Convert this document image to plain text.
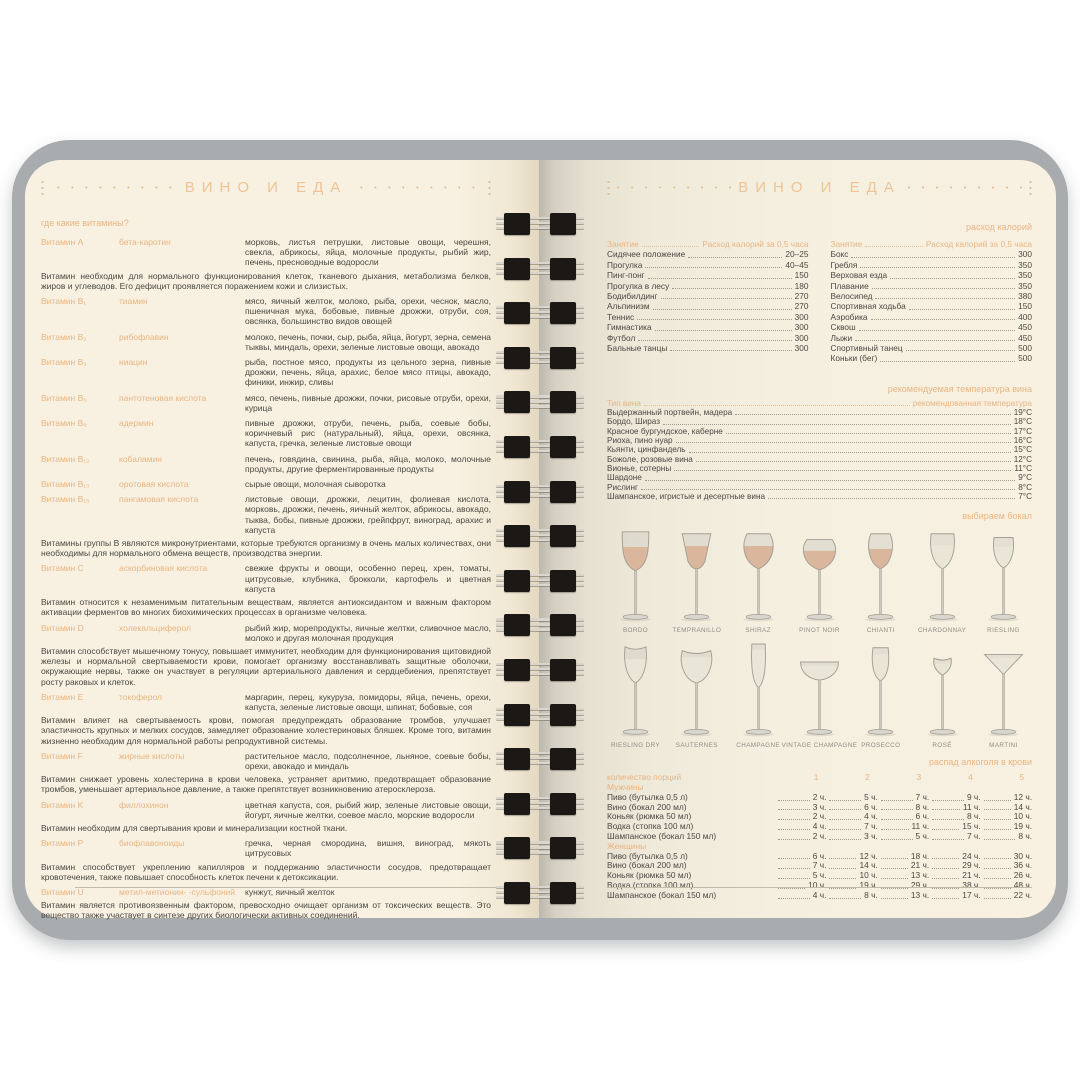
ВИНО И ЕДА
где какие витамины?
Витамин А	бета-каротин	морковь, листья петрушки, листовые овощи, черешня, свекла, абрикосы, яйца, молочные продукты, рыбий жир, печень, пресноводные водоросли
Витамин необходим для нормального функционирования клеток, тканевого дыхания, метаболизма белков, жиров и углеводов. Его дефицит проявляется поражением кожи и слизистых.
Витамин B₁	тиамин	мясо, яичный желток, молоко, рыба, орехи, чеснок, масло, пшеничная мука, бобовые, пивные дрожжи, отруби, соя, овсянка, большинство видов овощей
Витамин B₂	рибофлавин	молоко, печень, почки, сыр, рыба, яйца, йогурт, зерна, семена тыквы, миндаль, орехи, зеленые листовые овощи, авокадо
Витамин B₃	ниацин	рыба, постное мясо, продукты из цельного зерна, пивные дрожжи, печень, яйца, арахис, белое мясо птицы, авокадо, финики, инжир, сливы
Витамин B₅	пантотеновая кислота	мясо, печень, пивные дрожжи, почки, рисовые отруби, орехи, курица
Витамин B₆	адермин	пивные дрожжи, отруби, печень, рыба, соевые бобы, коричневый рис (натуральный), яйца, орехи, овсянка, капуста, гречка, зеленые листовые овощи
Витамин B₁₂	кобаламин	печень, говядина, свинина, рыба, яйца, молоко, молочные продукты, другие ферментированные продукты
Витамин B₁₃	оротовая кислота	сырые овощи, молочная сыворотка
Витамин B₁₅	пангамовая кислота	листовые овощи, дрожжи, лецитин, фолиевая кислота, морковь, дрожжи, печень, яичный желток, абрикосы, авокадо, тыква, бобы, пивные дрожжи, грейпфрут, виноград, арахис и капуста
Витамины группы В являются микронутриентами, которые требуются организму в очень малых количествах, они необходимы для нормального обмена веществ, производства энергии.
Витамин C	аскорбиновая кислота	свежие фрукты и овощи, особенно перец, хрен, томаты, цитрусовые, клубника, брокколи, картофель и цветная капуста
Витамин относится к незаменимым питательным веществам, является антиоксидантом и важным фактором активации ферментов во многих биохимических процессах в организме человека.
Витамин D	холекальциферол	рыбий жир, морепродукты, яичные желтки, сливочное масло, молоко и другая молочная продукция
Витамин способствует мышечному тонусу, повышает иммунитет, необходим для функционирования щитовидной железы и нормальной свертываемости крови, помогает организму восстанавливать защитные оболочки, окружающие нервы, также он участвует в регуляции артериального давления и сердцебиения, препятствует росту раковых и клеток.
Витамин E	токоферол	маргарин, перец, кукуруза, помидоры, яйца, печень, орехи, капуста, зеленые листовые овощи, шпинат, бобовые, соя
Витамин влияет на свертываемость крови, помогая предупреждать образование тромбов, улучшает эластичность крупных и мелких сосудов, замедляет образование холестериновых бляшек. Кроме того, витамин жизненно необходим для нормальной работы репродуктивной системы.
Витамин F	жирные кислоты	растительное масло, подсолнечное, льняное, соевые бобы, орехи, авокадо и миндаль
Витамин снижает уровень холестерина в крови человека, устраняет аритмию, предотвращает образование тромбов, уменьшает артериальное давление, а также препятствует возникновению атеросклероза.
Витамин K	филлохинон	цветная капуста, соя, рыбий жир, зеленые листовые овощи, йогурт, яичные желтки, соевое масло, морские водоросли
Витамин необходим для свертывания крови и минерализации костной ткани.
Витамин P	биофлавоноиды	гречка, черная смородина, вишня, виноград, мякоть цитрусовых
Витамин способствует укреплению капилляров и поддержанию эластичности сосудов, предотвращает кровотечения, также повышает способность клеток печени к детоксикации.
Витамин U	метил-метионин- -сульфоний	кунжут, яичный желток
Витамин является противоязвенным фактором, превосходно очищает организм от токсических веществ. Это вещество также участвует в синтезе других биологически активных соединений.
ВИНО И ЕДА
расход калорий
Занятие	Расход калорий за 0,5 часа
Сидячее положение	20–25
Прогулка	40–45
Пинг-понг	150
Прогулка в лесу	180
Бодибилдинг	270
Альпинизм	270
Теннис	300
Гимнастика	300
Футбол	300
Бальные танцы	300
Занятие	Расход калорий за 0,5 часа
Бокс	300
Гребля	350
Верховая езда	350
Плавание	350
Велосипед	380
Спортивная ходьба	150
Аэробика	400
Сквош	450
Лыжи	450
Спортивный танец	500
Коньки (бег)	500
рекомендуемая температура вина
Тип вина	рекомендованная температура
Выдержанный портвейн, мадера	19°C
Бордо, Шираз	18°C
Красное бургундское, каберне	17°C
Риоха, пино нуар	16°C
Кьянти, цинфандель	15°C
Божоле, розовые вина	12°C
Вионье, сотерны	11°C
Шардоне	9°C
Рислинг	8°C
Шампанское, игристые и десертные вина	7°C
выбираем бокал
BORDO	TEMPRANILLO	SHIRAZ	PINOT NOIR	CHIANTI	CHARDONNAY	RIESLING
RIESLING DRY SAUTERNES	CHAMPAGNE VINTAGE CHAMPAGNE PROSECCO	ROSÉ	MARTINI
распад алкоголя в крови
количество порций	1	2	3	4	5
Мужчины
Пиво (бутылка 0,5 л)	2 ч.	5 ч.	7 ч.	9 ч.	12 ч.
Вино (бокал 200 мл)	3 ч.	6 ч.	8 ч.	11 ч.	14 ч.
Коньяк (рюмка 50 мл)	2 ч.	4 ч.	6 ч.	8 ч.	10 ч.
Водка (стопка 100 мл)	4 ч.	7 ч.	11 ч.	15 ч.	19 ч.
Шампанское (бокал 150 мл)	2 ч.	3 ч.	5 ч.	7 ч.	8 ч.
Женщины
Пиво (бутылка 0,5 л)	6 ч.	12 ч.	18 ч.	24 ч.	30 ч.
Вино (бокал 200 мл)	7 ч.	14 ч.	21 ч.	29 ч.	36 ч.
Коньяк (рюмка 50 мл)	5 ч.	10 ч.	13 ч.	21 ч.	26 ч.
Водка (стопка 100 мл)	10 ч.	19 ч.	29 ч.	38 ч.	48 ч.
Шампанское (бокал 150 мл)	4 ч.	8 ч.	13 ч.	17 ч.	22 ч.
